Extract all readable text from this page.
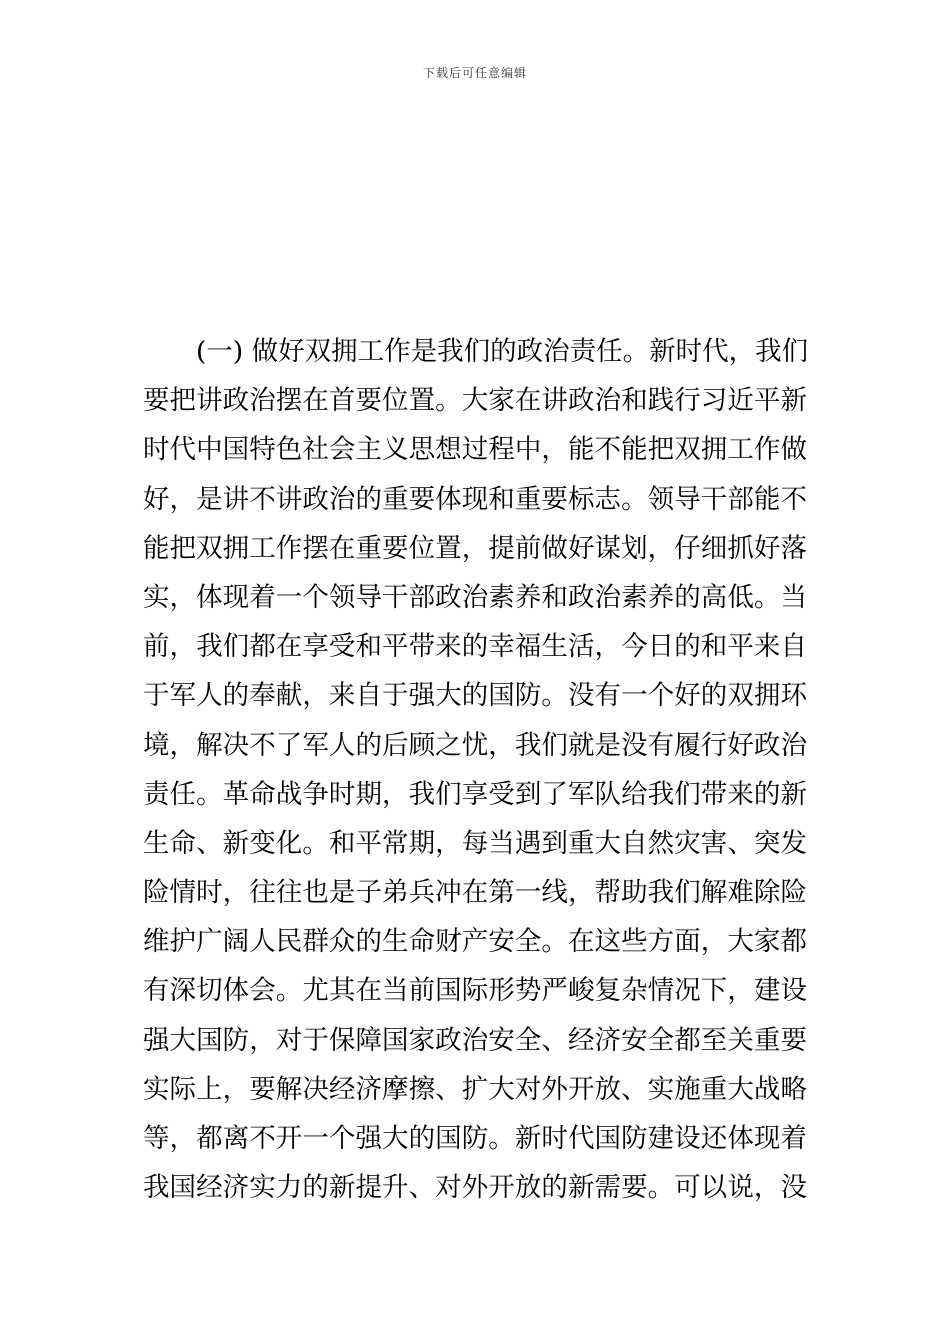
下载后可任意编辑
(一) 做好双拥工作是我们的政治责任。新时代，我们
要把讲政治摆在首要位置。大家在讲政治和践行习近平新
时代中国特色社会主义思想过程中，能不能把双拥工作做
好，是讲不讲政治的重要体现和重要标志。领导干部能不
能把双拥工作摆在重要位置，提前做好谋划，仔细抓好落
实，体现着一个领导干部政治素养和政治素养的高低。当
前，我们都在享受和平带来的幸福生活，今日的和平来自
于军人的奉献，来自于强大的国防。没有一个好的双拥环
境，解决不了军人的后顾之忧，我们就是没有履行好政治
责任。革命战争时期，我们享受到了军队给我们带来的新
生命、新变化。和平常期，每当遇到重大自然灾害、突发
险情时，往往也是子弟兵冲在第一线，帮助我们解难除险
维护广阔人民群众的生命财产安全。在这些方面，大家都
有深切体会。尤其在当前国际形势严峻复杂情况下，建设
强大国防，对于保障国家政治安全、经济安全都至关重要
实际上，要解决经济摩擦、扩大对外开放、实施重大战略
等，都离不开一个强大的国防。新时代国防建设还体现着
我国经济实力的新提升、对外开放的新需要。可以说，没
